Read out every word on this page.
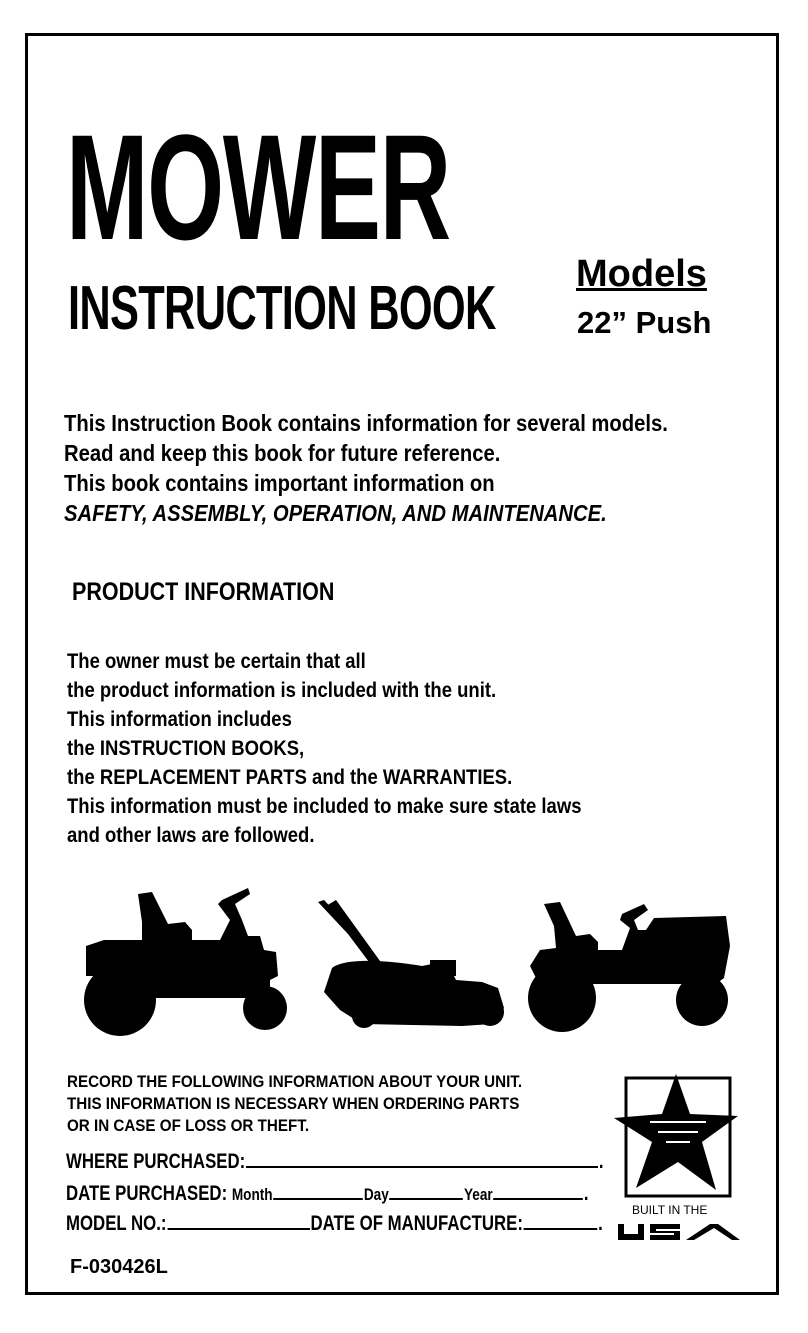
MOWER
INSTRUCTION BOOK Models
22” Push
This Instruction Book contains information for several models.
Read and keep this book for future reference.
This book contains important information on
SAFETY, ASSEMBLY, OPERATION, AND MAINTENANCE.
PRODUCT INFORMATION
The owner must be certain that all
the product information is included with the unit.
This information includes
the INSTRUCTION BOOKS,
the REPLACEMENT PARTS and the WARRANTIES.
This information must be included to make sure state laws
and other laws are followed.
RECORD THE FOLLOWING INFORMATION ABOUT YOUR UNIT.
THIS INFORMATION IS NECESSARY WHEN ORDERING PARTS
OR IN CASE OF LOSS OR THEFT.
WHERE PURCHASED:	.
DATE PURCHASED: Month	Day	Year	.
MODEL NO.:	DATE OF MANUFACTURE:	.
F-030426L
BUILT IN THE
